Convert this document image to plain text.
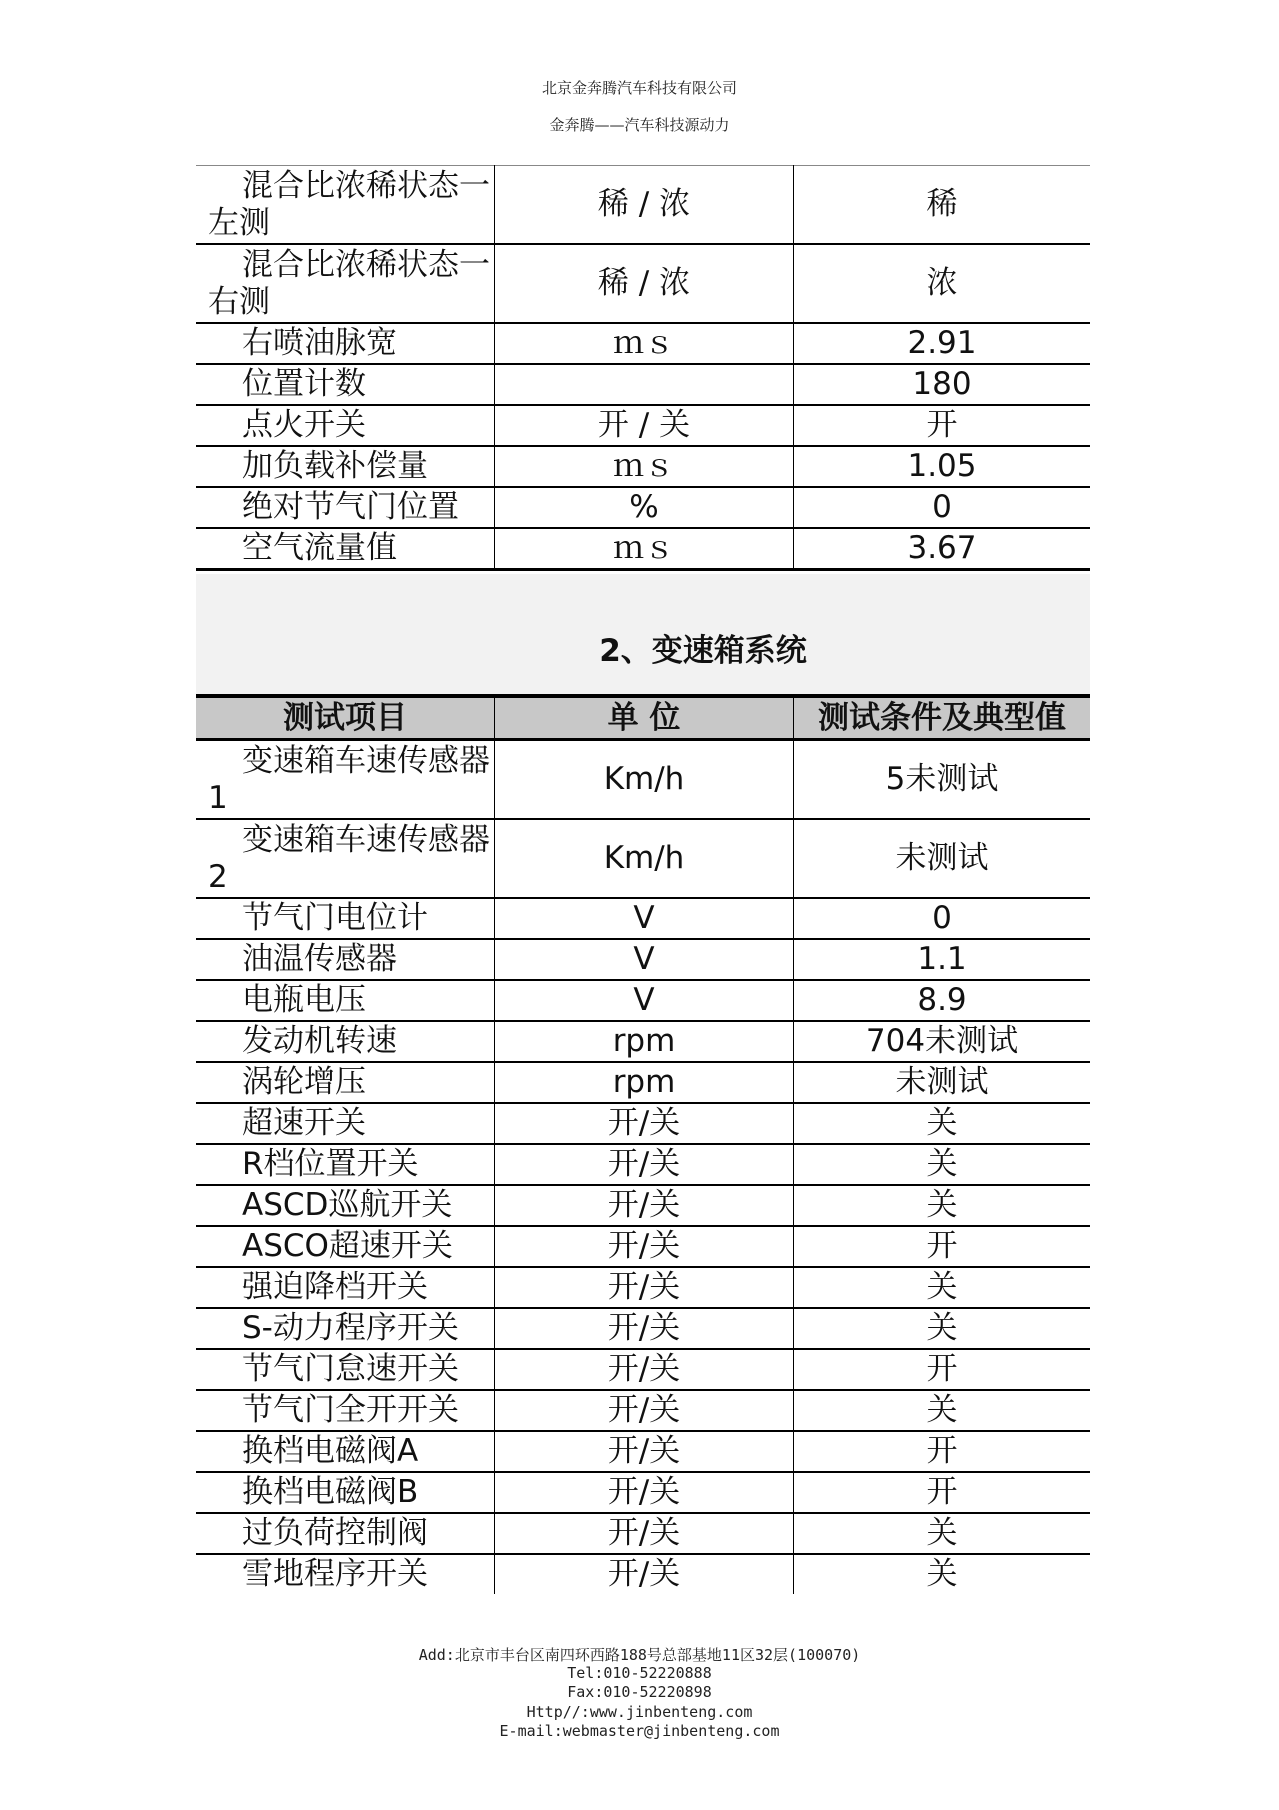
北京金奔腾汽车科技有限公司
金奔腾——汽车科技源动力
混合比浓稀状态一
左测	稀 / 浓	稀

混合比浓稀状态一
右测	稀 / 浓	浓
右喷油脉宽	ｍｓ	2.91
位置计数		180
点火开关	开 / 关	开
加负载补偿量	ｍｓ	1.05
绝对节气门位置	%	0
空气流量值	ｍｓ	3.67
2、变速箱系统
测试项目	单 位	测试条件及典型值

变速箱车速传感器
1	Km/h	5未测试

变速箱车速传感器
2	Km/h	未测试
节气门电位计	V	0
油温传感器	V	1.1
电瓶电压	V	8.9
发动机转速	rpm	704未测试
涡轮增压	rpm	未测试
超速开关	开/关	关
R档位置开关	开/关	关
ASCD巡航开关	开/关	关
ASCO超速开关	开/关	开
强迫降档开关	开/关	关
S-动力程序开关	开/关	关
节气门怠速开关	开/关	开
节气门全开开关	开/关	关
换档电磁阀A	开/关	开
换档电磁阀B	开/关	开
过负荷控制阀	开/关	关
雪地程序开关	开/关	关

Add:北京市丰台区南四环西路188号总部基地11区32层(100070)
Tel:010-52220888
Fax:010-52220898
Http//:www.jinbenteng.com
E-mail:webmaster@jinbenteng.com
